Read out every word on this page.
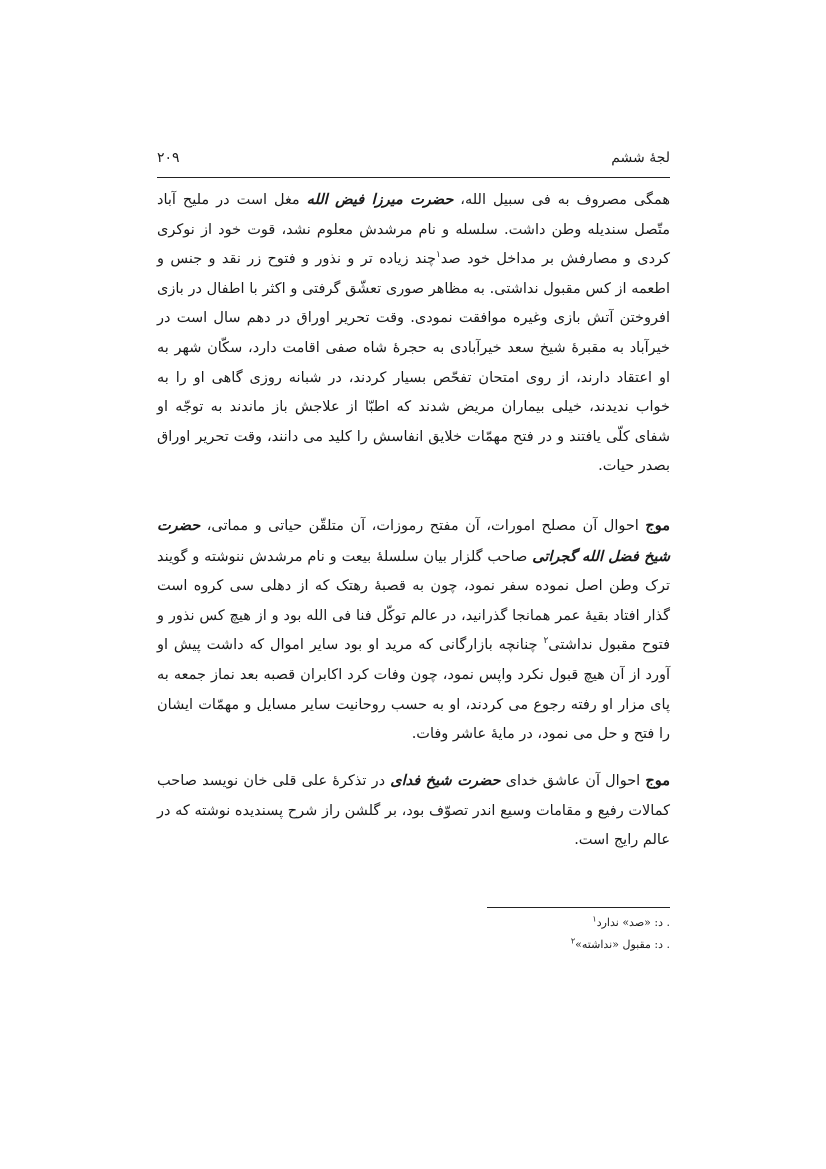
لجۀ ششم
۲۰۹
همگی مصروف به فی سبیل الله، حضرت میرزا فیض الله مغل است در ملیح آباد متّصل سندیله وطن داشت. سلسله و نام مرشدش معلوم نشد، قوت خود از نوکری کردی و مصارفش بر مداخل خود صد$^۱$چند زیاده تر و نذور و فتوح زر نقد و جنس و اطعمه از کس مقبول نداشتی. به مظاهر صوری تعشّق گرفتی و اکثر با اطفال در بازی افروختن آتش بازی وغیره موافقت نمودی. وقت تحریر اوراق در دهم سال است در خیرآباد به مقبرۀ شیخ سعد خیرآبادی به حجرۀ شاه صفی اقامت دارد، سکّان شهر به او اعتقاد دارند، از روی امتحان تفحّص بسیار کردند، در شبانه روزی گاهی او را به خواب ندیدند، خیلی بیماران مریض شدند که اطبّا از علاجش باز ماندند به توجّه او شفای کلّی یافتند و در فتح مهمّات خلایق انفاسش را کلید می دانند، وقت تحریر اوراق بصدر حیات.
موج احوال آن مصلح امورات، آن مفتح رموزات، آن متلقّن حیاتی و مماتی، حضرت شیخ فضل الله گجراتی صاحب گلزار بیان سلسلۀ بیعت و نام مرشدش ننوشته و گویند ترک وطن اصل نموده سفر نمود، چون به قصبۀ رهتک که از دهلی سی کروه است گذار افتاد بقیۀ عمر همانجا گذرانید، در عالم توکّل فنا فی الله بود و از هیچ کس نذور و فتوح مقبول نداشتی$^۲$ چنانچه بازارگانی که مرید او بود سایر اموال که داشت پیش او آورد از آن هیچ قبول نکرد واپس نمود، چون وفات کرد اکابران قصبه بعد نماز جمعه به پای مزار او رفته رجوع می کردند، او به حسب روحانیت سایر مسایل و مهمّات ایشان را فتح و حل می نمود، در مایۀ عاشر وفات.
موج احوال آن عاشق خدای حضرت شیخ فدای در تذکرۀ علی قلی خان نویسد صاحب کمالات رفیع و مقامات وسیع اندر تصوّف بود، بر گلشن راز شرح پسندیده نوشته که در عالم رایج است.
. د: «صد» ندارد$^۱$
. د: مقبول «نداشته»$^۲$
